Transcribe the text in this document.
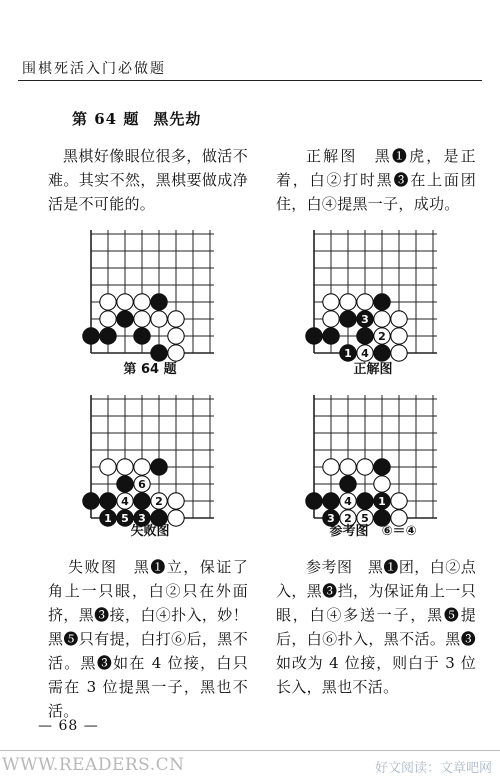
围棋死活入门必做题
第 64 题 黑先劫

黑棋好像眼位很多，做活不难。其实不然，黑棋要做成净活是不可能的。

正解图　黑❶虎，是正着，白②打时黑❸在上面团住，白④提黑一子，成功。

第 64 题
3
2
1 4
正解图
6
4 2
1 5 3
失败图
4 1
3 2 5
参考图　⑥＝④

失败图　黑❶立，保证了角上一只眼，白②只在外面挤，黑❸接，白④扑入，妙！黑❺只有提，白打⑥后，黑不活。黑❸如在 4 位接，白只需在 3 位提黑一子，黑也不活。

参考图　黑❶团，白②点入，黑❸挡，为保证角上一只眼，白④多送一子，黑❺提后，白⑥扑入，黑不活。黑❸如改为 4 位接，则白于 3 位长入，黑也不活。

— 68 —
WWW.READERS.CN	好文阅读：文章吧网
